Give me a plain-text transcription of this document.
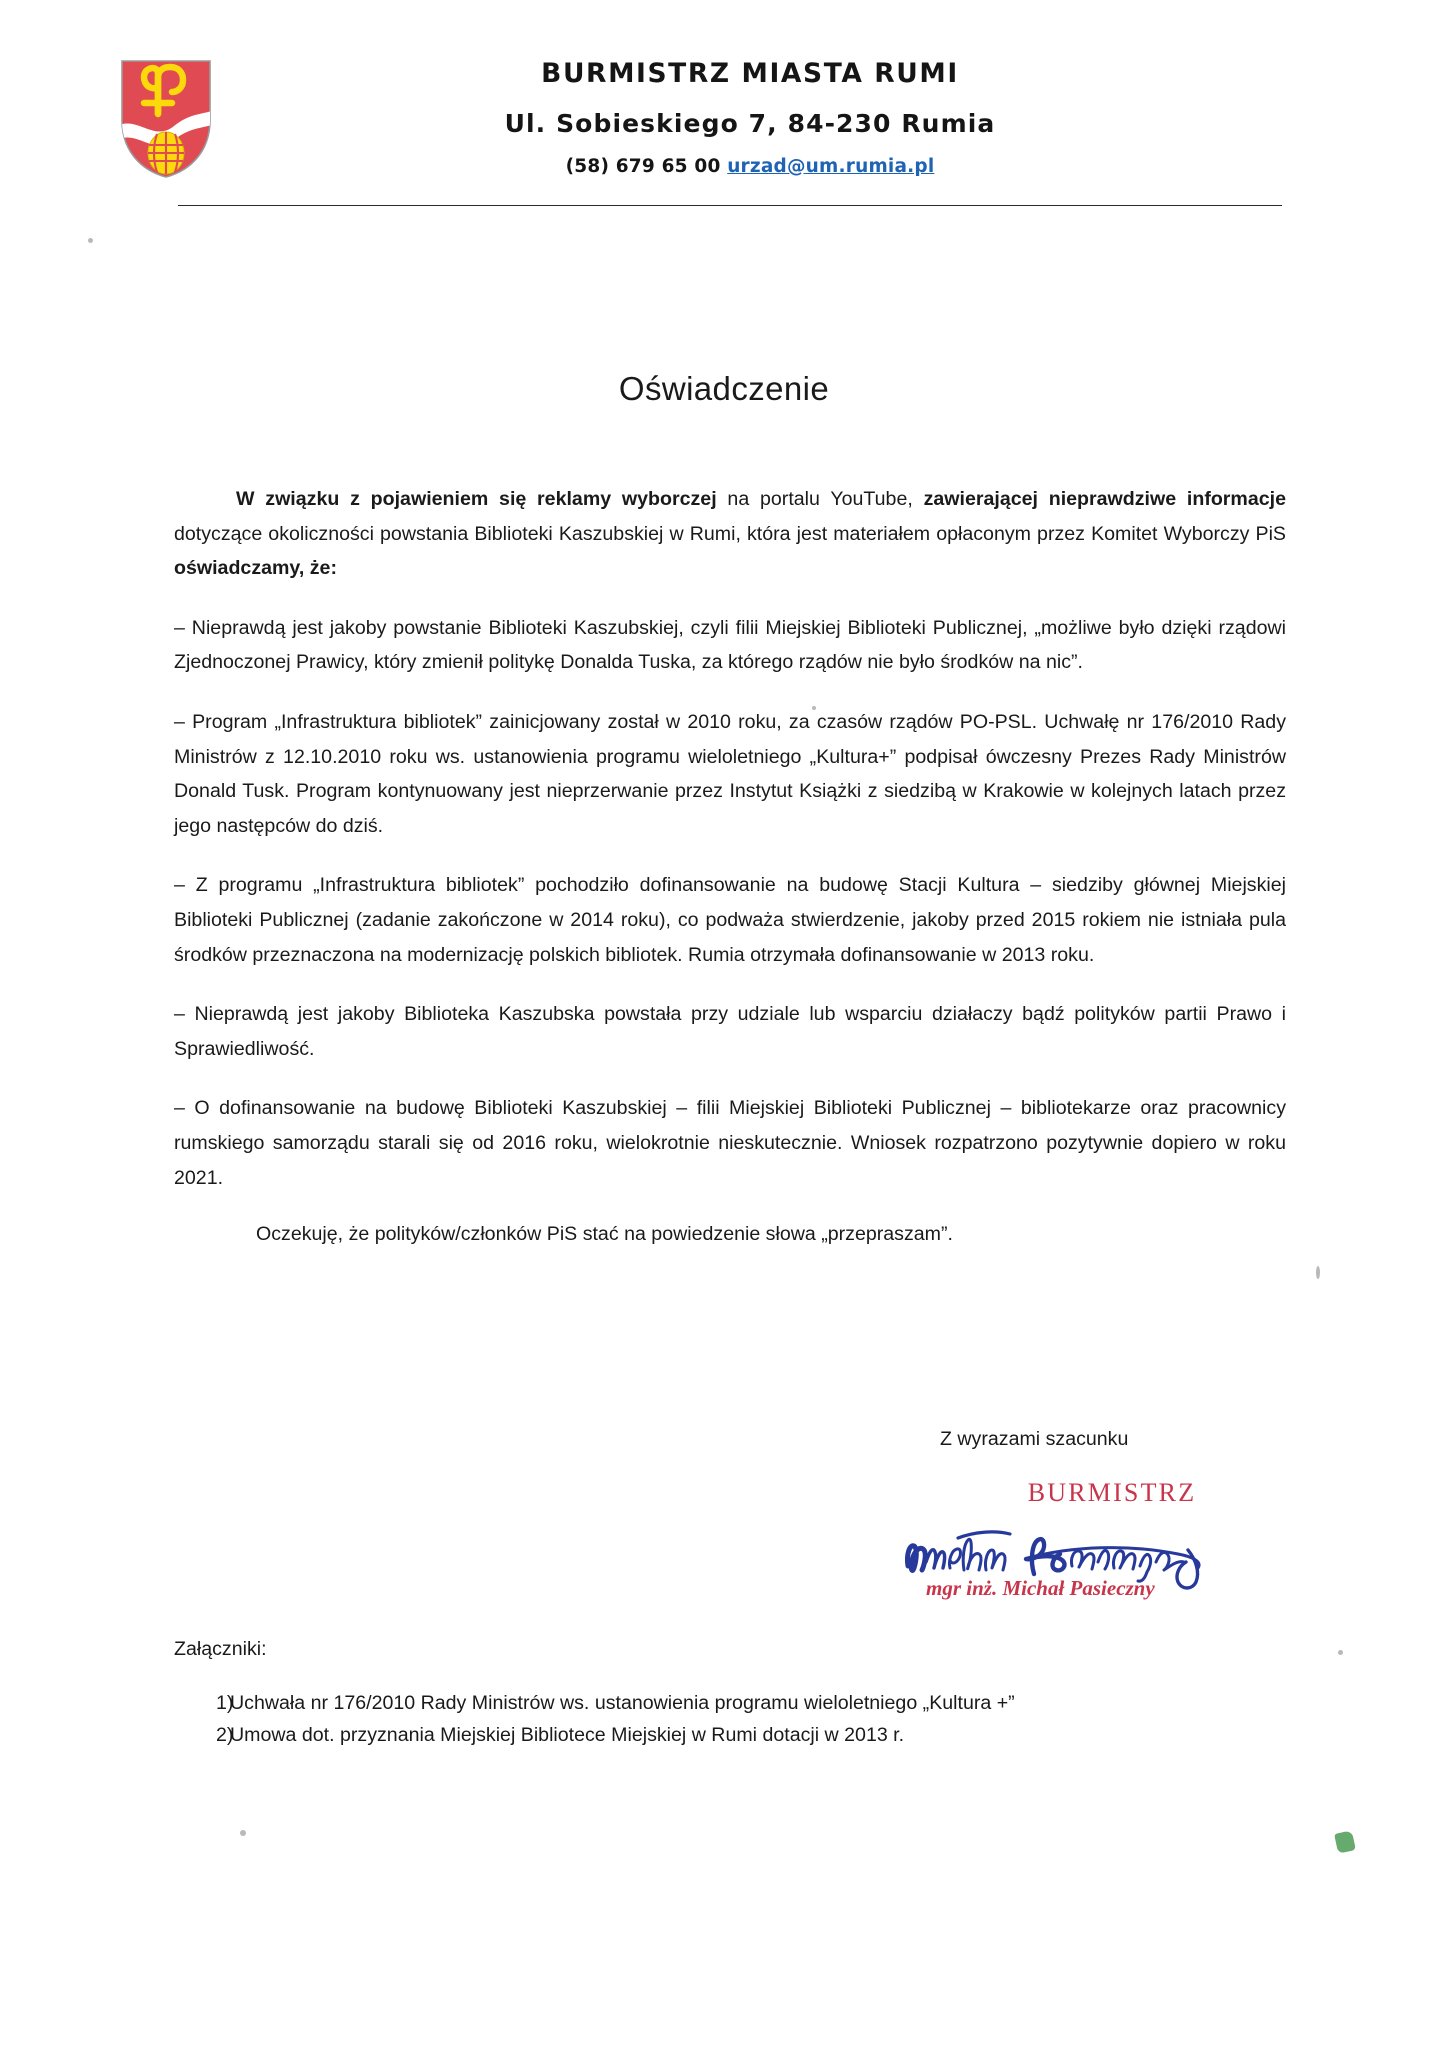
BURMISTRZ MIASTA RUMI
Ul. Sobieskiego 7, 84-230 Rumia
(58) 679 65 00 urzad@um.rumia.pl
Oświadczenie

W związku z pojawieniem się reklamy wyborczej na portalu YouTube, zawierającej nieprawdziwe informacje dotyczące okoliczności powstania Biblioteki Kaszubskiej w Rumi, która jest materiałem opłaconym przez Komitet Wyborczy PiS oświadczamy, że:

– Nieprawdą jest jakoby powstanie Biblioteki Kaszubskiej, czyli filii Miejskiej Biblioteki Publicznej, „możliwe było dzięki rządowi Zjednoczonej Prawicy, który zmienił politykę Donalda Tuska, za którego rządów nie było środków na nic”.

– Program „Infrastruktura bibliotek” zainicjowany został w 2010 roku, za czasów rządów PO-PSL. Uchwałę nr 176/2010 Rady Ministrów z 12.10.2010 roku ws. ustanowienia programu wieloletniego „Kultura+” podpisał ówczesny Prezes Rady Ministrów Donald Tusk. Program kontynuowany jest nieprzerwanie przez Instytut Książki z siedzibą w Krakowie w kolejnych latach przez jego następców do dziś.

– Z programu „Infrastruktura bibliotek” pochodziło dofinansowanie na budowę Stacji Kultura – siedziby głównej Miejskiej Biblioteki Publicznej (zadanie zakończone w 2014 roku), co podważa stwierdzenie, jakoby przed 2015 rokiem nie istniała pula środków przeznaczona na modernizację polskich bibliotek. Rumia otrzymała dofinansowanie w 2013 roku.

– Nieprawdą jest jakoby Biblioteka Kaszubska powstała przy udziale lub wsparciu działaczy bądź polityków partii Prawo i Sprawiedliwość.

– O dofinansowanie na budowę Biblioteki Kaszubskiej – filii Miejskiej Biblioteki Publicznej – bibliotekarze oraz pracownicy rumskiego samorządu starali się od 2016 roku, wielokrotnie nieskutecznie. Wniosek rozpatrzono pozytywnie dopiero w roku 2021.

Oczekuję, że polityków/członków PiS stać na powiedzenie słowa „przepraszam”.

Z wyrazami szacunku
BURMISTRZ
mgr inż. Michał Pasieczny
Załączniki:
1)
Uchwała nr 176/2010 Rady Ministrów ws. ustanowienia programu wieloletniego „Kultura +”
2)
Umowa dot. przyznania Miejskiej Bibliotece Miejskiej w Rumi dotacji w 2013 r.
